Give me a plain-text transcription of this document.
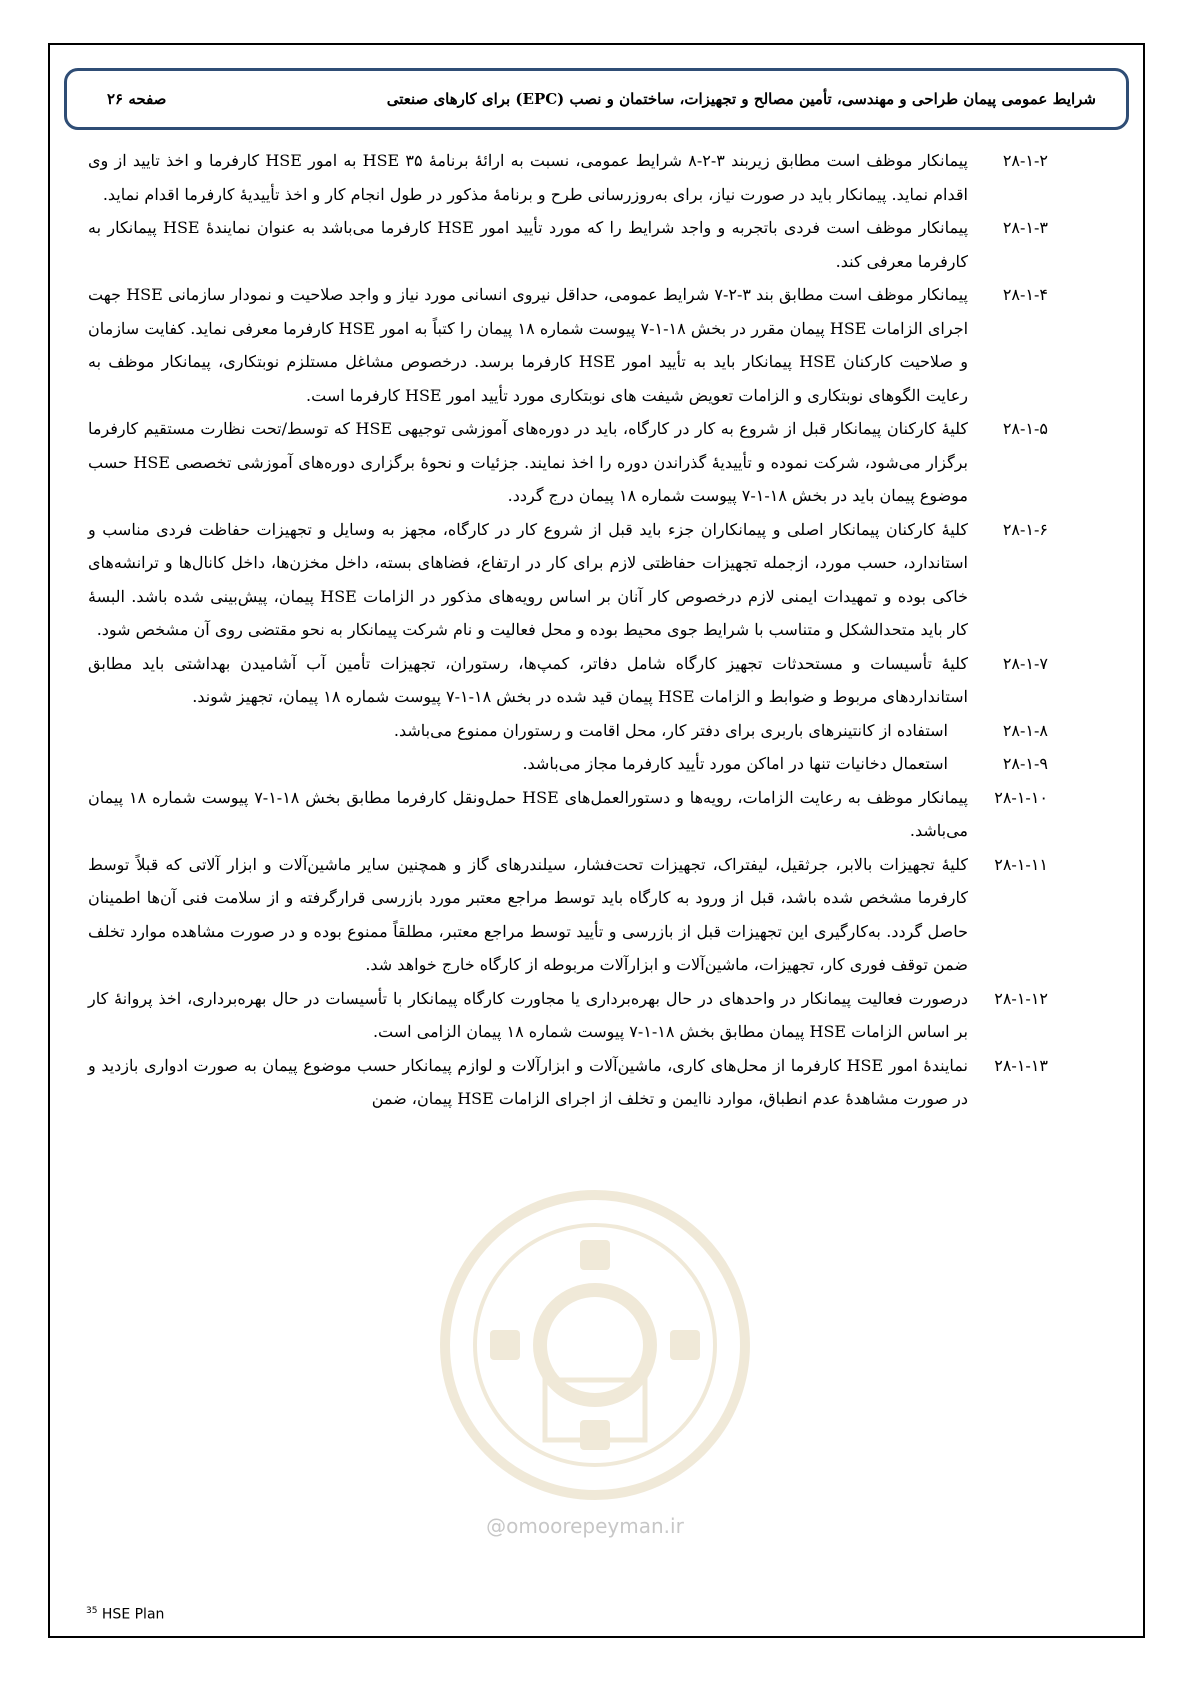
شرایط عمومی پیمان طراحی و مهندسی، تأمین مصالح و تجهیزات، ساختمان و نصب (EPC) برای کارهای صنعتی
صفحه ۲۶
۲۸-۱-۲
پیمانکار موظف است مطابق زیربند ۳-۲-۸ شرایط عمومی، نسبت به ارائهٔ برنامهٔ HSE ۳۵ به امور HSE کارفرما و اخذ تایید از وی اقدام نماید. پیمانکار باید در صورت نیاز، برای به‌روزرسانی طرح و برنامهٔ مذکور در طول انجام کار و اخذ تأییدیهٔ کارفرما اقدام نماید.
۲۸-۱-۳
پیمانکار موظف است فردی باتجربه و واجد شرایط را که مورد تأیید امور HSE کارفرما می‌باشد به عنوان نمایندهٔ HSE پیمانکار به کارفرما معرفی کند.
۲۸-۱-۴
پیمانکار موظف است مطابق بند ۳-۲-۷ شرایط عمومی، حداقل نیروی انسانی مورد نیاز و واجد صلاحیت و نمودار سازمانی HSE جهت اجرای الزامات HSE پیمان مقرر در بخش ۱۸-۱-۷ پیوست شماره ۱۸ پیمان را کتباً به امور HSE کارفرما معرفی نماید. کفایت سازمان و صلاحیت کارکنان HSE پیمانکار باید به تأیید امور HSE کارفرما برسد. درخصوص مشاغل مستلزم نوبتکاری، پیمانکار موظف به رعایت الگوهای نوبتکاری و الزامات تعویض شیفت های نوبتکاری مورد تأیید امور HSE کارفرما است.
۲۸-۱-۵
کلیهٔ کارکنان پیمانکار قبل از شروع به کار در کارگاه، باید در دوره‌های آموزشی توجیهی HSE که توسط/تحت نظارت مستقیم کارفرما برگزار می‌شود، شرکت نموده و تأییدیهٔ گذراندن دوره را اخذ نمایند. جزئیات و نحوهٔ برگزاری دوره‌های آموزشی تخصصی HSE حسب موضوع پیمان باید در بخش ۱۸-۱-۷ پیوست شماره ۱۸ پیمان درج گردد.
۲۸-۱-۶
کلیهٔ کارکنان پیمانکار اصلی و پیمانکاران جزء باید قبل از شروع کار در کارگاه، مجهز به وسایل و تجهیزات حفاظت فردی مناسب و استاندارد، حسب مورد، ازجمله تجهیزات حفاظتی لازم برای کار در ارتفاع، فضاهای بسته، داخل مخزن‌ها، داخل کانال‌ها و ترانشه‌های خاکی بوده و تمهیدات ایمنی لازم درخصوص کار آنان بر اساس رویه‌های مذکور در الزامات HSE پیمان، پیش‌بینی شده باشد. البسهٔ کار باید متحدالشکل و متناسب با شرایط جوی محیط بوده و محل فعالیت و نام شرکت پیمانکار به نحو مقتضی روی آن مشخص شود.
۲۸-۱-۷
کلیهٔ تأسیسات و مستحدثات تجهیز کارگاه شامل دفاتر، کمپ‌ها، رستوران، تجهیزات تأمین آب آشامیدن بهداشتی باید مطابق استانداردهای مربوط و ضوابط و الزامات HSE پیمان قید شده در بخش ۱۸-۱-۷ پیوست شماره ۱۸ پیمان، تجهیز شوند.
۲۸-۱-۸
استفاده از کانتینرهای باربری برای دفتر کار، محل اقامت و رستوران ممنوع می‌باشد.
۲۸-۱-۹
استعمال دخانیات تنها در اماکن مورد تأیید کارفرما مجاز می‌باشد.
۲۸-۱-۱۰
پیمانکار موظف به رعایت الزامات، رویه‌ها و دستورالعمل‌های HSE حمل‌ونقل کارفرما مطابق بخش ۱۸-۱-۷ پیوست شماره ۱۸ پیمان می‌باشد.
۲۸-۱-۱۱
کلیهٔ تجهیزات بالابر، جرثقیل، لیفتراک، تجهیزات تحت‌فشار، سیلندرهای گاز و همچنین سایر ماشین‌آلات و ابزار آلاتی که قبلاً توسط کارفرما مشخص شده باشد، قبل از ورود به کارگاه باید توسط مراجع معتبر مورد بازرسی قرارگرفته و از سلامت فنی آن‌ها اطمینان حاصل گردد. به‌کارگیری این تجهیزات قبل از بازرسی و تأیید توسط مراجع معتبر، مطلقاً ممنوع بوده و در صورت مشاهده موارد تخلف ضمن توقف فوری کار، تجهیزات، ماشین‌آلات و ابزارآلات مربوطه از کارگاه خارج خواهد شد.
۲۸-۱-۱۲
درصورت فعالیت پیمانکار در واحدهای در حال بهره‌برداری یا مجاورت کارگاه پیمانکار با تأسیسات در حال بهره‌برداری، اخذ پروانهٔ کار بر اساس الزامات HSE پیمان مطابق بخش ۱۸-۱-۷ پیوست شماره ۱۸ پیمان الزامی است.
۲۸-۱-۱۳
نمایندهٔ امور HSE کارفرما از محل‌های کاری، ماشین‌آلات و ابزارآلات و لوازم پیمانکار حسب موضوع پیمان به صورت ادواری بازدید و در صورت مشاهدهٔ عدم انطباق، موارد ناایمن و تخلف از اجرای الزامات HSE پیمان، ضمن
@omoorepeyman.ir
$^{35}$ HSE Plan
